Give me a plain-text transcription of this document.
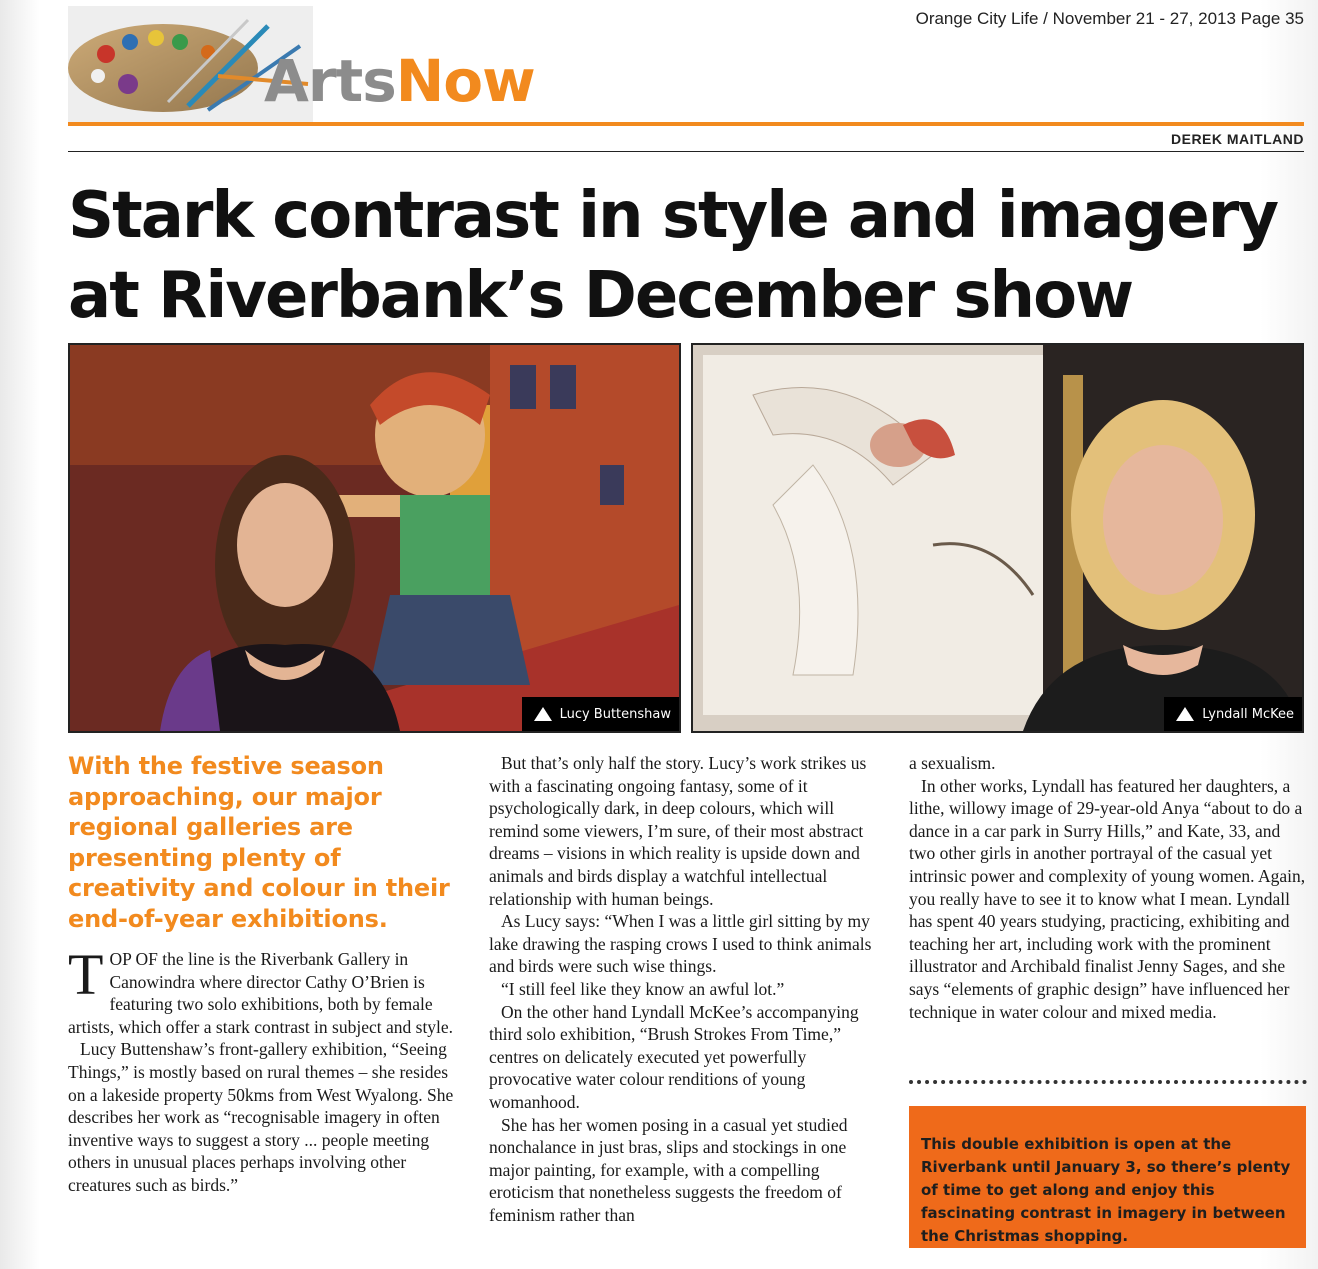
Orange City Life / November 21 - 27, 2013 Page 35
ArtsNow
DEREK MAITLAND
Stark contrast in style and imagery at Riverbank’s December show
Lucy Buttenshaw	Lyndall McKee
With the festive season approaching, our major regional galleries are presenting plenty of creativity and colour in their end-of-year exhibitions.

TOP OF the line is the Riverbank Gallery in Canowindra where director Cathy O’Brien is featuring two solo exhibitions, both by female artists, which offer a stark contrast in subject and style.

Lucy Buttenshaw’s front-gallery exhibition, “Seeing Things,” is mostly based on rural themes – she resides on a lakeside property 50kms from West Wyalong. She describes her work as “recognisable imagery in often inventive ways to suggest a story ... people meeting others in unusual places perhaps involving other creatures such as birds.”

But that’s only half the story. Lucy’s work strikes us with a fascinating ongoing fantasy, some of it psychologically dark, in deep colours, which will remind some viewers, I’m sure, of their most abstract dreams – visions in which reality is upside down and animals and birds display a watchful intellectual relationship with human beings.

As Lucy says: “When I was a little girl sitting by my lake drawing the rasping crows I used to think animals and birds were such wise things.

“I still feel like they know an awful lot.”

On the other hand Lyndall McKee’s accompanying third solo exhibition, “Brush Strokes From Time,” centres on delicately executed yet powerfully provocative water colour renditions of young womanhood.

She has her women posing in a casual yet studied nonchalance in just bras, slips and stockings in one major painting, for example, with a compelling eroticism that nonetheless suggests the freedom of feminism rather than

a sexualism.

In other works, Lyndall has featured her daughters, a lithe, willowy image of 29-year-old Anya “about to do a dance in a car park in Surry Hills,” and Kate, 33, and two other girls in another portrayal of the casual yet intrinsic power and complexity of young women. Again, you really have to see it to know what I mean. Lyndall has spent 40 years studying, practicing, exhibiting and teaching her art, including work with the prominent illustrator and Archibald finalist Jenny Sages, and she says “elements of graphic design” have influenced her technique in water colour and mixed media.

This double exhibition is open at the Riverbank until January 3, so there’s plenty of time to get along and enjoy this fascinating contrast in imagery in between the Christmas shopping.
